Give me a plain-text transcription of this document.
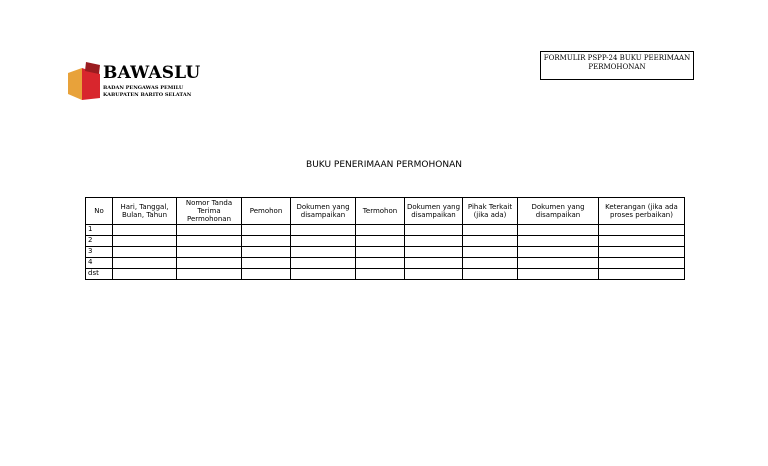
BAWASLU
BADAN PENGAWAS PEMILU
KABUPATEN BARITO SELATAN
FORMULIR PSPP-24 BUKU PEERIMAAN
PERMOHONAN
BUKU PENERIMAAN PERMOHONAN
No	Hari, Tanggal, Bulan, Tahun	Nomor Tanda Terima Permohonan	Pemohon	Dokumen yang disampaikan	Termohon	Dokumen yang disampaikan	Pihak Terkait (jika ada)	Dokumen yang disampaikan	Keterangan (jika ada proses perbaikan)
1									
2									
3									
4									
dst									
